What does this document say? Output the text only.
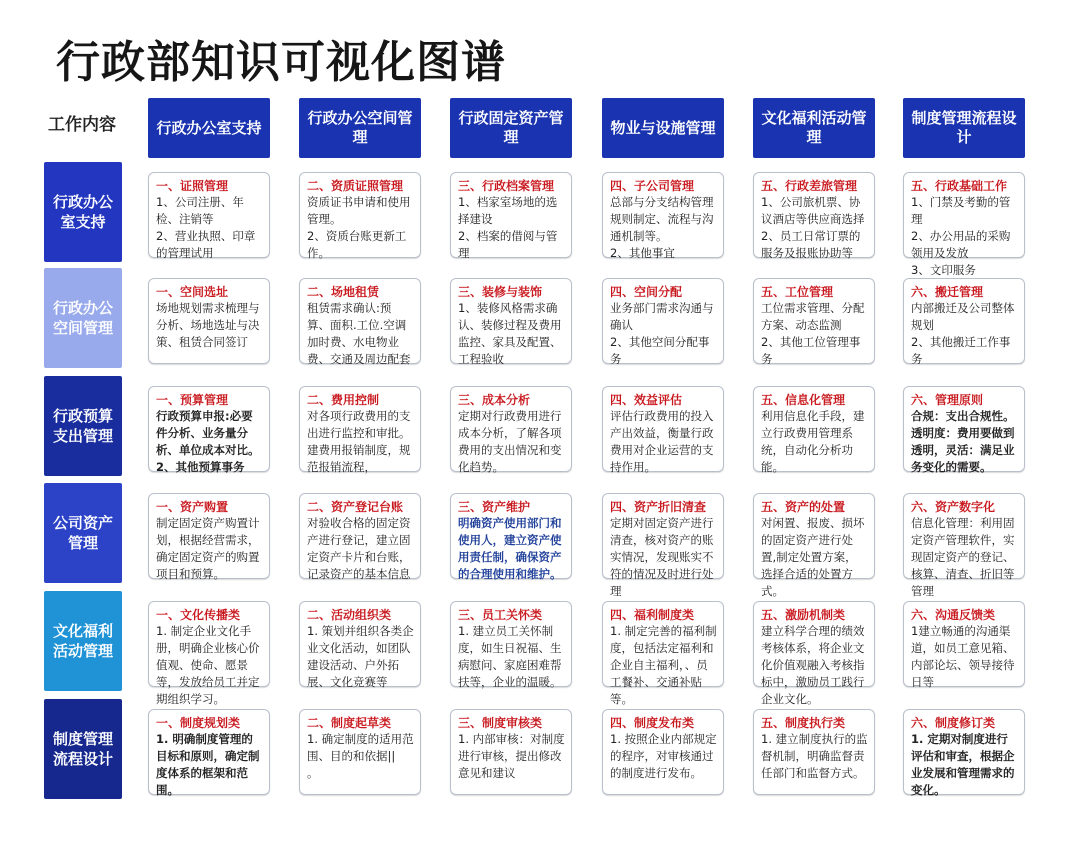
行政部知识可视化图谱
工作内容	行政办公室支持
行政办公空间管理
行政固定资产管理
物业与设施管理
文化福利活动管理
制度管理流程设计
行政办公室支持
一、证照管理
1、公司注册、年检、注销等
2、营业执照、印章的管理试用
二、资质证照管理
资质证书申请和使用管理。
2、资质台账更新工作。
三、行政档案管理
1、档家室场地的选择建设
2、档案的借阅与管理
四、子公司管理
总部与分支结构管理规则制定、流程与沟通机制等。
2、其他事宜
五、行政差旅管理
1、公司旅机票、协议酒店等供应商选择
2、员工日常订票的服务及报账协助等
五、行政基础工作
1、门禁及考勤的管理
2、办公用品的采购领用及发放
3、文印服务
行政办公空间管理
一、空间选址
场地规划需求梳理与分析、场地选址与决策、租赁合同签订
二、场地租赁
租赁需求确认:预算、面积.工位.空调加时费、水电物业费、交通及周边配套
三、装修与装饰
1、装修风格需求确认、装修过程及费用监控、家具及配置、工程验收
四、空间分配
业务部门需求沟通与确认
2、其他空间分配事务
五、工位管理
工位需求管理、分配方案、动态监测
2、其他工位管理事务
六、搬迁管理
内部搬迁及公司整体规划
2、其他搬迁工作事务
行政预算支出管理
一、预算管理
行政预算申报:必要件分析、业务量分析、单位成本对比。
2、其他预算事务
二、费用控制
对各项行政费用的支出进行监控和审批。建费用报销制度，规范报销流程，
三、成本分析
定期对行政费用进行成本分析，了解各项费用的支出情况和变化趋势。
四、效益评估
评估行政费用的投入产出效益，衡量行政费用对企业运营的支持作用。
五、信息化管理
利用信息化手段，建立行政费用管理系统，自动化分析功能。
六、管理原则
合规：支出合规性。透明度：费用要做到透明，灵活：满足业务变化的需要。
公司资产管理
一、资产购置
制定固定资产购置计划，根据经营需求，确定固定资产的购置项目和预算。
二、资产登记台账
对验收合格的固定资产进行登记，建立固定资产卡片和台账，记录资产的基本信息
三、资产维护
明确资产使用部门和使用人，建立资产使用责任制，确保资产的合理使用和维护。
四、资产折旧清查
定期对固定资产进行清查，核对资产的账实情况，发现账实不符的情况及时进行处理
五、资产的处置
对闲置、报废、损坏的固定资产进行处置,制定处置方案，选择合适的处置方式。
六、资产数字化
信息化管理：利用固定资产管理软件，实现固定资产的登记、核算、清查、折旧等管理
文化福利活动管理
一、文化传播类
1. 制定企业文化手册，明确企业核心价值观、使命、愿景等，发放给员工并定期组织学习。
二、活动组织类
1. 策划并组织各类企业文化活动，如团队建设活动、户外拓展、文化竞赛等
三、员工关怀类
1. 建立员工关怀制度，如生日祝福、生病慰问、家庭困难帮扶等，企业的温暖。
四、福利制度类
1. 制定完善的福利制度，包括法定福利和企业自主福利，、员工餐补、交通补贴等。
五、激励机制类
建立科学合理的绩效考核体系，将企业文化价值观融入考核指标中，激励员工践行企业文化。
六、沟通反馈类
1建立畅通的沟通渠道，如员工意见箱、内部论坛、领导接待日等
制度管理流程设计
一、制度规划类
1. 明确制度管理的目标和原则，确定制度体系的框架和范围。
二、制度起草类
1. 确定制度的适用范围、目的和依据||
。
三、制度审核类
1. 内部审核：对制度进行审核，提出修改意见和建议
四、制度发布类
1. 按照企业内部规定的程序，对审核通过的制度进行发布。
五、制度执行类
1. 建立制度执行的监督机制，明确监督责任部门和监督方式。
六、制度修订类
1. 定期对制度进行评估和审查，根据企业发展和管理需求的变化。
